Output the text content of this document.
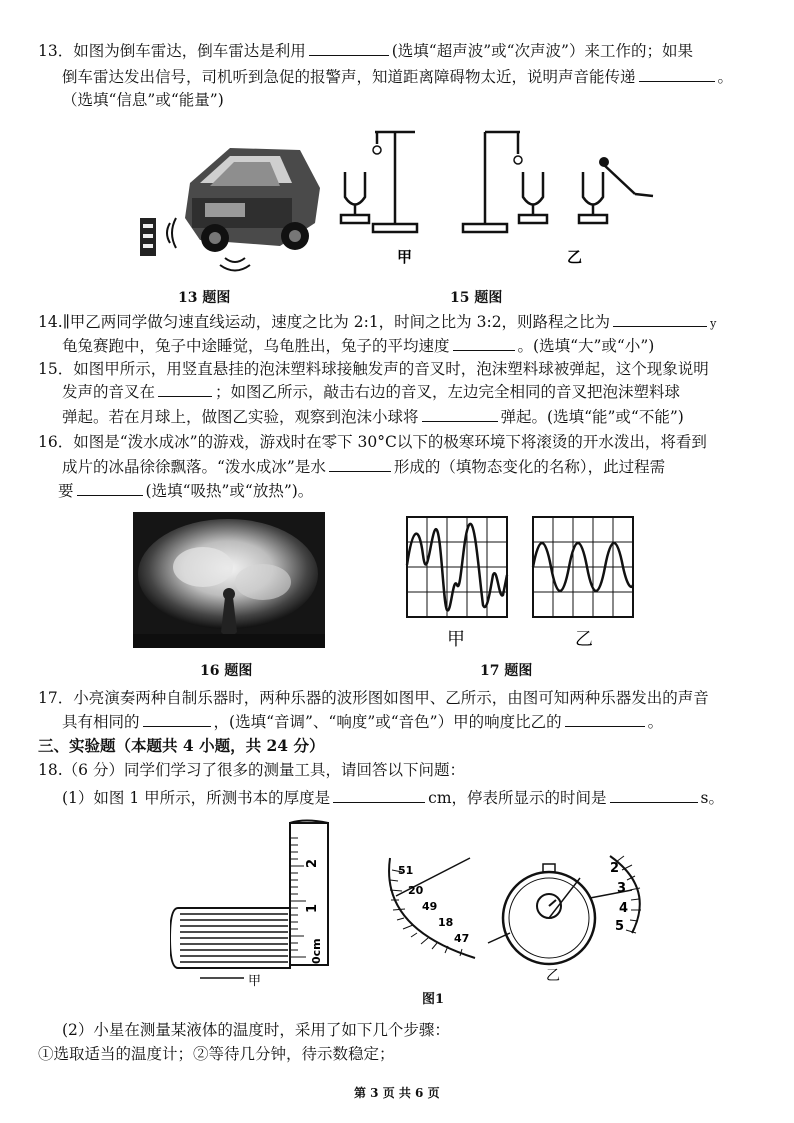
13．如图为倒车雷达，倒车雷达是利用	(选填“超声波”或“次声波”）来工作的；如果
倒车雷达发出信号，司机听到急促的报警声，知道距离障碍物太近，说明声音能传递	。
（选填“信息”或“能量”)
甲	乙
13 题图	15 题图
14.∥甲乙两同学做匀速直线运动，速度之比为 2:1，时间之比为 3:2，则路程之比为	y
龟兔赛跑中，兔子中途睡觉，乌龟胜出，兔子的平均速度	。(选填“大”或“小”)
15．如图甲所示，用竖直悬挂的泡沫塑料球接触发声的音叉时，泡沫塑料球被弹起，这个现象说明
发声的音叉在	；如图乙所示，敲击右边的音叉，左边完全相同的音叉把泡沫塑料球
弹起。若在月球上，做图乙实验，观察到泡沫小球将	弹起。(选填“能”或“不能”)
16．如图是“泼水成冰”的游戏，游戏时在零下 30°C以下的极寒环境下将滚烫的开水泼出，将看到
成片的冰晶徐徐飘落。“泼水成冰”是水	形成的（填物态变化的名称），此过程需
要	(选填“吸热”或“放热”)。
甲	乙
16 题图	17 题图
17．小亮演奏两种自制乐器时，两种乐器的波形图如图甲、乙所示，由图可知两种乐器发出的声音
具有相同的	，(选填“音调”、“响度”或“音色”）甲的响度比乙的	。
三、实验题（本题共 4 小题，共 24 分）
18.（6 分）同学们学习了很多的测量工具，请回答以下问题：
(1）如图 1 甲所示，所测书本的厚度是	cm，停表所显示的时间是	s。
2
1
0cm
甲
51
20
49
18
47
2
3
4
5
乙
图1
(2）小星在测量某液体的温度时，采用了如下几个步骤：
①选取适当的温度计；②等待几分钟，待示数稳定；
第 3 页 共 6 页
